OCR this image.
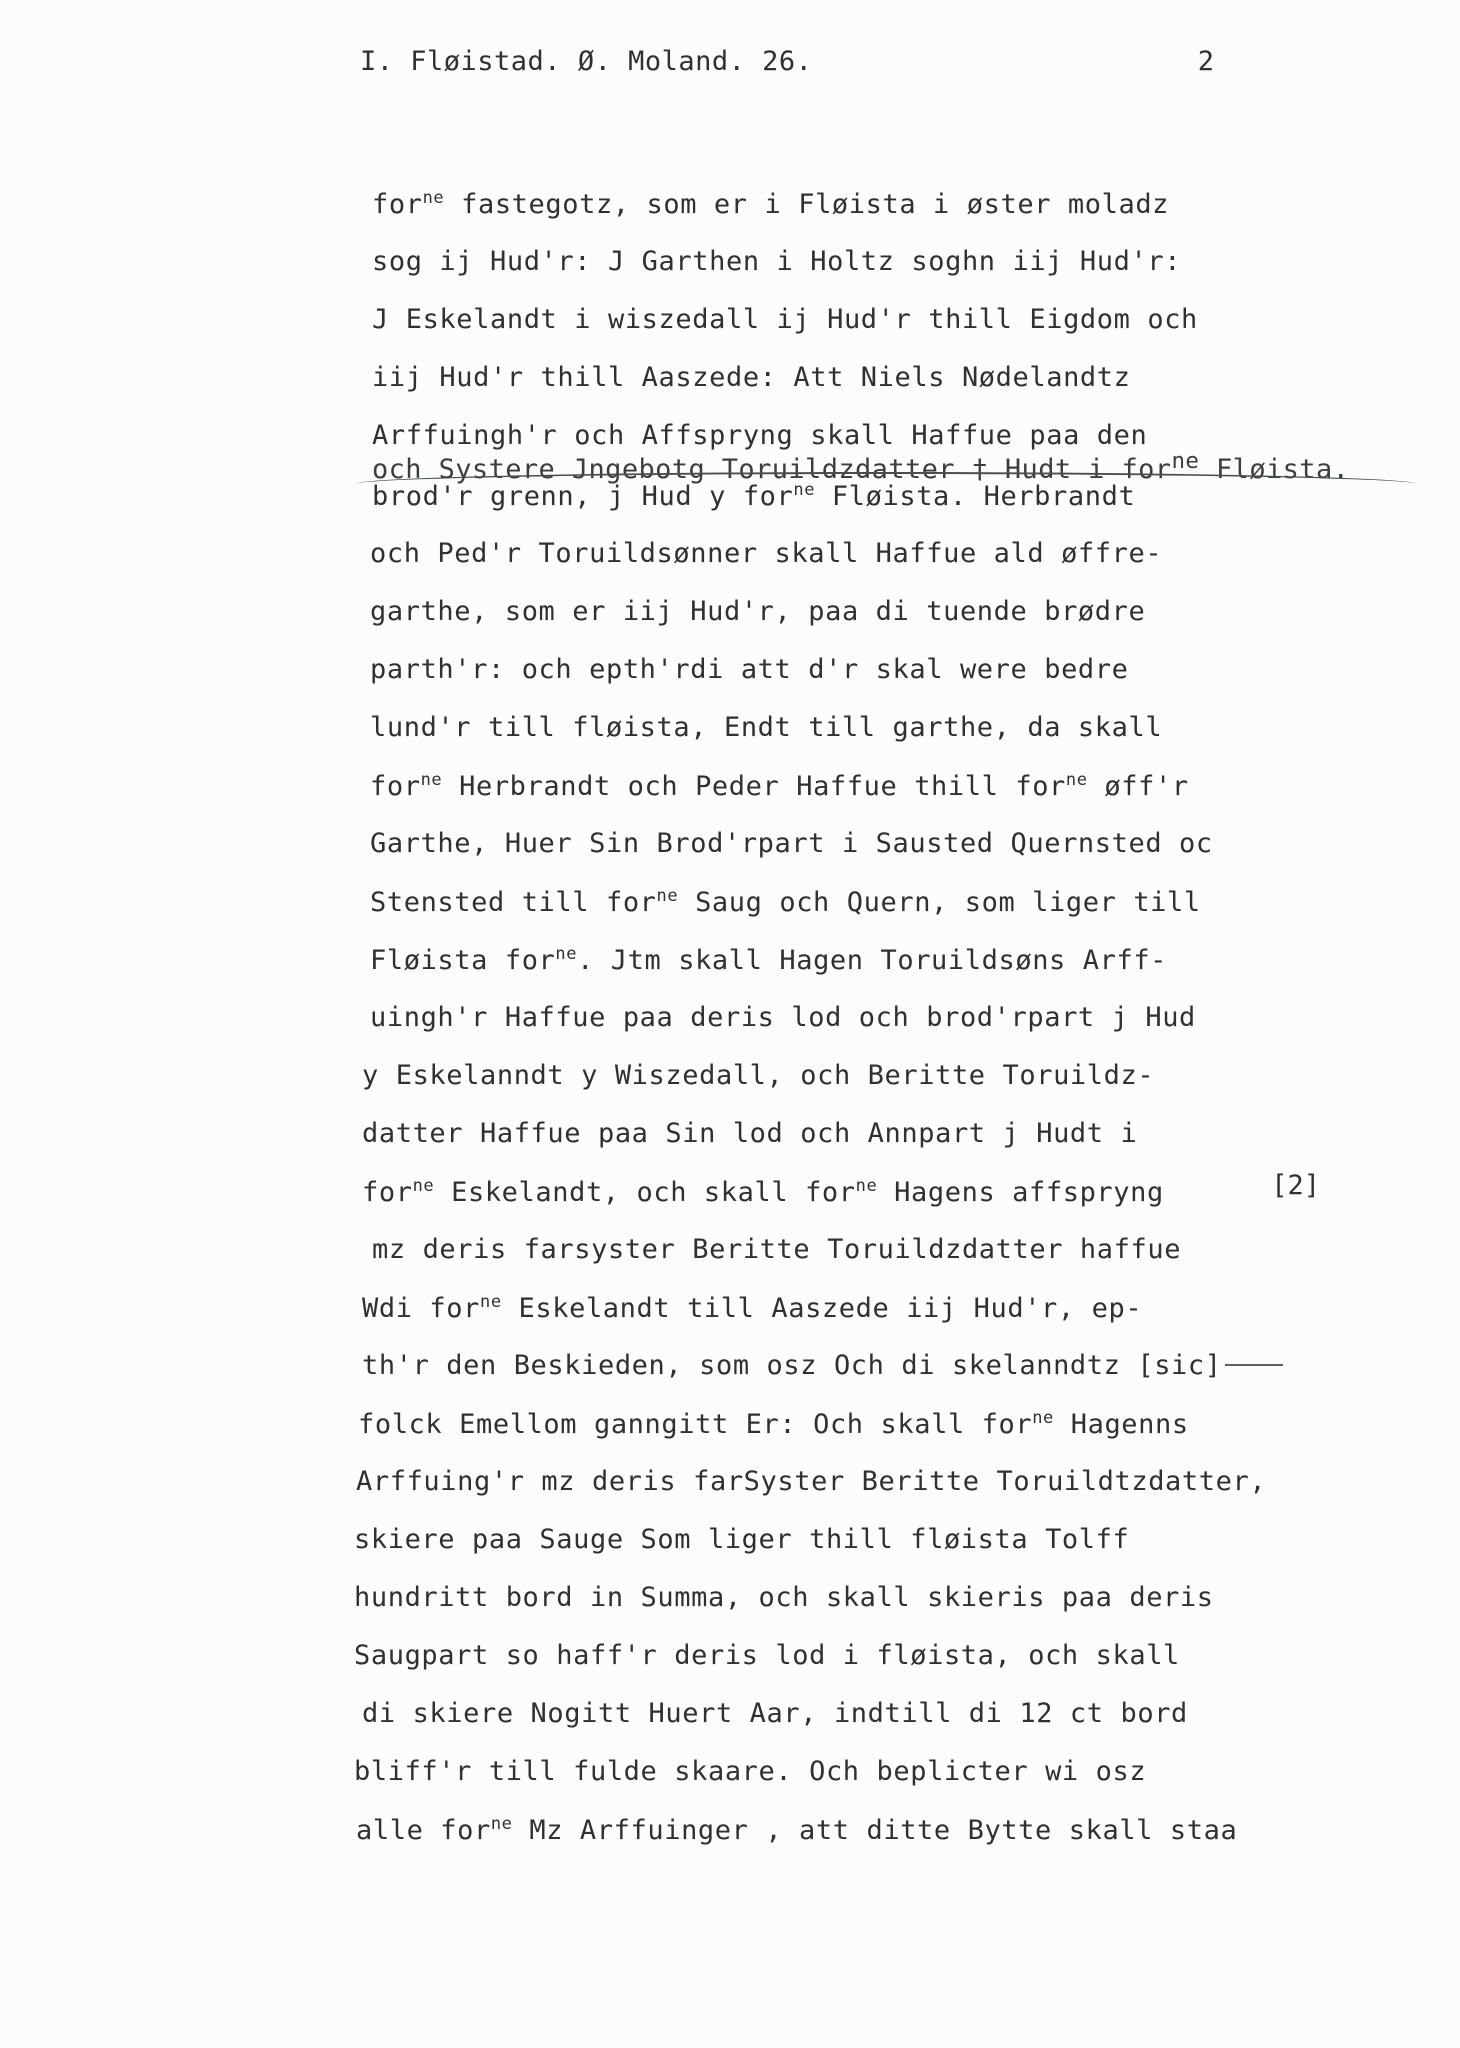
I. Fløistad. Ø. Moland. 26.	2
och Systere Jngebotg Toruildzdatter † Hudt i for$^{ne}$ Fløista.
for$^{ne}$ fastegotz, som er i Fløista i øster moladz
sog ij Hud'r: J Garthen i Holtz soghn iij Hud'r:
J Eskelandt i wiszedall ij Hud'r thill Eigdom och
iij Hud'r thill Aaszede: Att Niels Nødelandtz
Arffuingh'r och Affspryng skall Haffue paa den
brod'r grenn, j Hud y for$^{ne}$ Fløista. Herbrandt
och Ped'r Toruildsønner skall Haffue ald øffre-
garthe, som er iij Hud'r, paa di tuende brødre
parth'r: och epth'rdi att d'r skal were bedre
lund'r till fløista, Endt till garthe, da skall
for$^{ne}$ Herbrandt och Peder Haffue thill for$^{ne}$ øff'r
Garthe, Huer Sin Brod'rpart i Sausted Quernsted oc
Stensted till for$^{ne}$ Saug och Quern, som liger till
Fløista for$^{ne}$. Jtm skall Hagen Toruildsøns Arff-
uingh'r Haffue paa deris lod och brod'rpart j Hud
y Eskelanndt y Wiszedall, och Beritte Toruildz-
datter Haffue paa Sin lod och Annpart j Hudt i
for$^{ne}$ Eskelandt, och skall for$^{ne}$ Hagens affspryng
mz deris farsyster Beritte Toruildzdatter haffue
Wdi for$^{ne}$ Eskelandt till Aaszede iij Hud'r, ep-
th'r den Beskieden, som osz Och di skelanndtz [sic]
folck Emellom ganngitt Er: Och skall for$^{ne}$ Hagenns
Arffuing'r mz deris farSyster Beritte Toruildtzdatter,
skiere paa Sauge Som liger thill fløista Tolff
hundritt bord in Summa, och skall skieris paa deris
Saugpart so haff'r deris lod i fløista, och skall
di skiere Nogitt Huert Aar, indtill di 12 ct bord
bliff'r till fulde skaare. Och beplicter wi osz
alle for$^{ne}$ Mz Arffuinger , att ditte Bytte skall staa
[2]
